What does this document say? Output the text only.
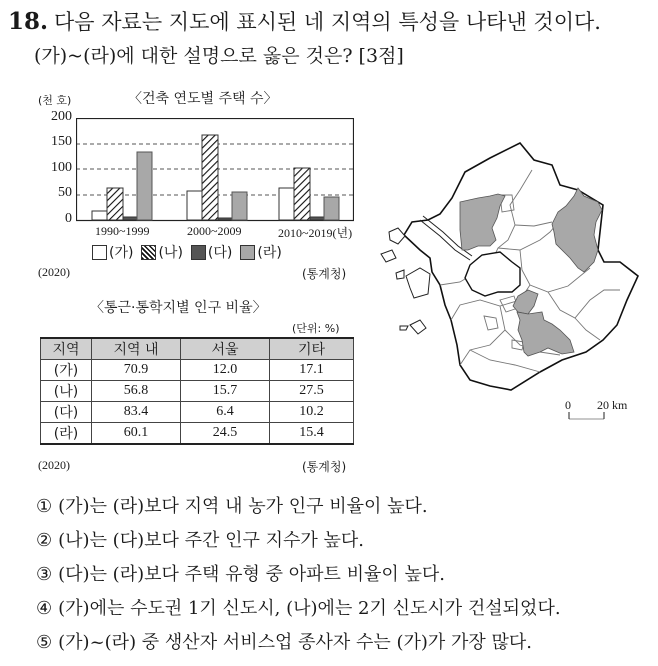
18. 다음 자료는 지도에 표시된 네 지역의 특성을 나타낸 것이다.
(가)~(라)에 대한 설명으로 옳은 것은? [3점]
(천 호)	〈건축 연도별 주택 수〉
200
150
100
50
0
1990~1999	2000~2009	2010~2019(년)
(가) (나) (다) (라)
(2020)	(통계청)
〈통근·통학지별 인구 비율〉
(단위: %)
지역	지역 내	서울	기타
(가)	70.9	12.0	17.1
(나)	56.8	15.7	27.5
(다)	83.4	6.4	10.2
(라)	60.1	24.5	15.4
(2020)	(통계청)
0 20 km
① (가)는 (라)보다 지역 내 농가 인구 비율이 높다.
② (나)는 (다)보다 주간 인구 지수가 높다.
③ (다)는 (라)보다 주택 유형 중 아파트 비율이 높다.
④ (가)에는 수도권 1기 신도시, (나)에는 2기 신도시가 건설되었다.
⑤ (가)~(라) 중 생산자 서비스업 종사자 수는 (가)가 가장 많다.
